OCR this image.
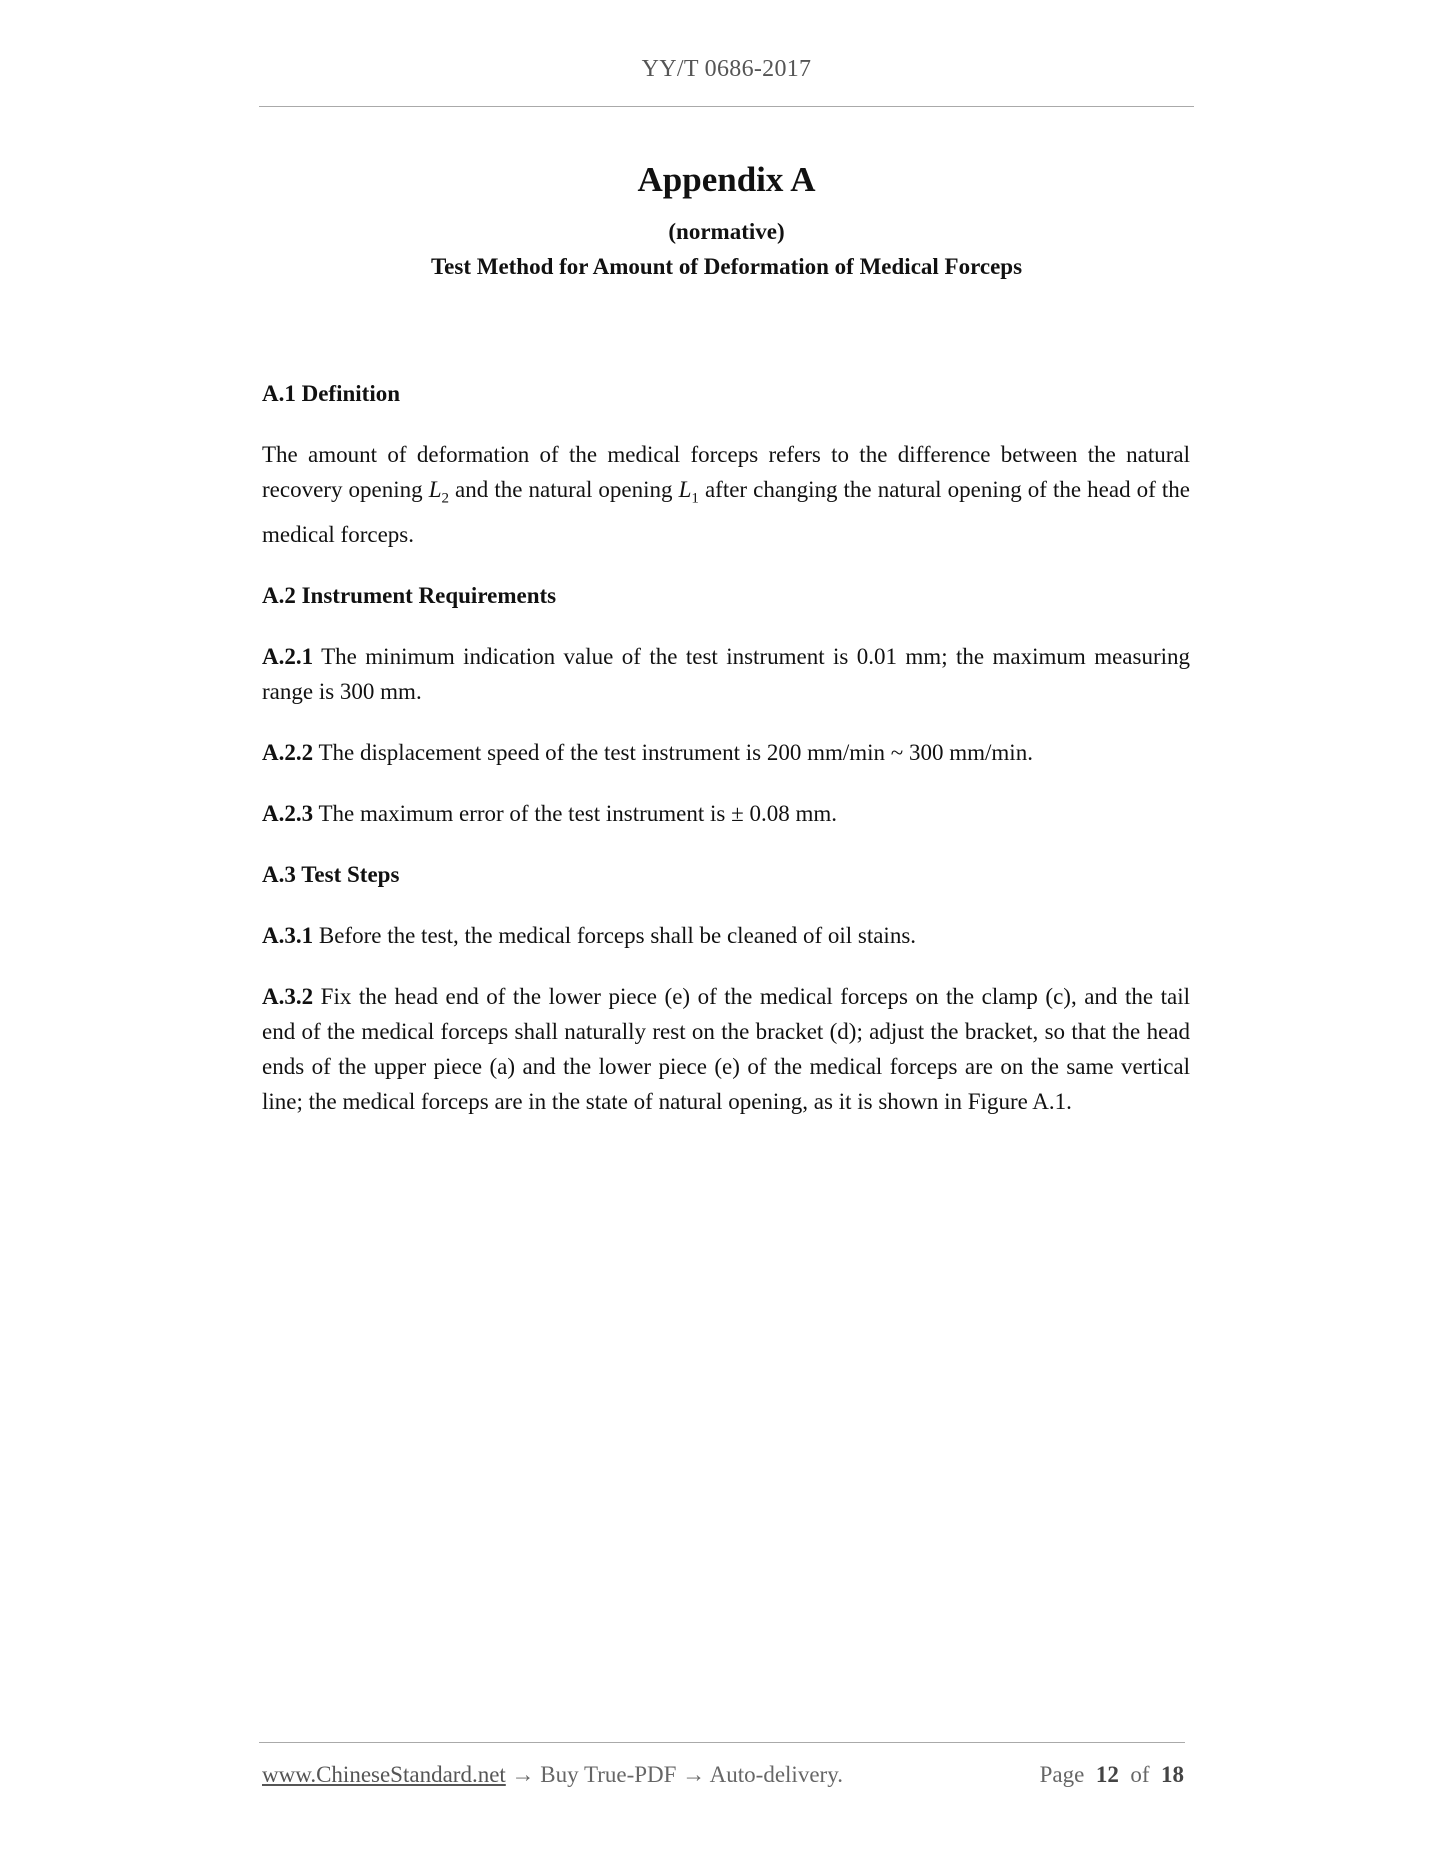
YY/T 0686-2017
Appendix A
(normative)
Test Method for Amount of Deformation of Medical Forceps
A.1 Definition

The amount of deformation of the medical forceps refers to the difference between the natural recovery opening $L_2$ and the natural opening $L_1$ after changing the natural opening of the head of the medical forceps.

A.2 Instrument Requirements

A.2.1 The minimum indication value of the test instrument is 0.01 mm; the maximum measuring range is 300 mm.

A.2.2 The displacement speed of the test instrument is 200 mm/min ~ 300 mm/min.

A.2.3 The maximum error of the test instrument is ± 0.08 mm.

A.3 Test Steps

A.3.1 Before the test, the medical forceps shall be cleaned of oil stains.

A.3.2 Fix the head end of the lower piece (e) of the medical forceps on the clamp (c), and the tail end of the medical forceps shall naturally rest on the bracket (d); adjust the bracket, so that the head ends of the upper piece (a) and the lower piece (e) of the medical forceps are on the same vertical line; the medical forceps are in the state of natural opening, as it is shown in Figure A.1.

www.ChineseStandard.net → Buy True-PDF → Auto-delivery.	Page 12 of 18
